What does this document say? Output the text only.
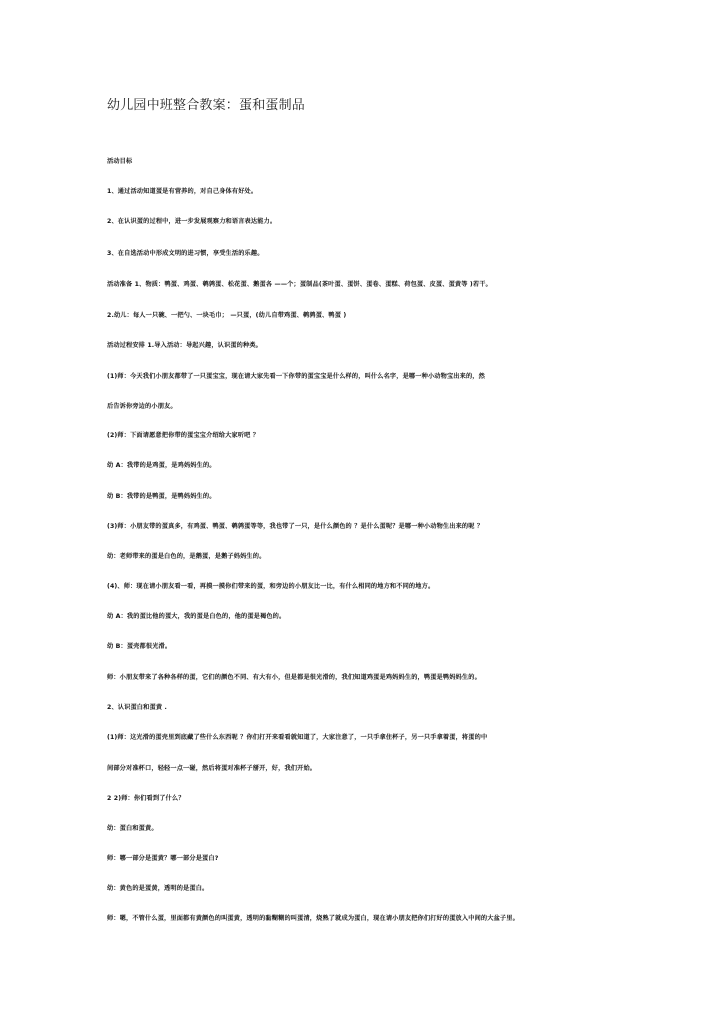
幼儿园中班整合教案：蛋和蛋制品
活动目标
1、通过活动知道蛋是有营养的，对自己身体有好处。
2、在认识蛋的过程中，进一步发展观察力和语言表达能力。
3、在自选活动中形成文明的进习惯，享受生活的乐趣。
活动准备 1、物质：鸭蛋、鸡蛋、鹌鹑蛋、松花蛋、鹅蛋各 ——个；蛋制品(茶叶蛋、蛋饼、蛋卷、蛋糕、荷包蛋、皮蛋、蛋黄等 )若干。
2.幼儿：每人一只碗、一把勺、一块毛巾； —只蛋，(幼儿自带鸡蛋、鹌鹑蛋、鸭蛋 )
活动过程安排 1.导入活动：导起兴趣，认识蛋的种类。
(1)师：今天我们小朋友都带了一只蛋宝宝，现在请大家先看一下你带的蛋宝宝是什么样的，叫什么名字，是哪一种小动物宝出来的，然
后告诉你旁边的小朋友。
(2)师：下面请愿意把你带的蛋宝宝介绍给大家听吧 ？
幼 A：我带的是鸡蛋，是鸡妈妈生的。
幼 B：我带的是鸭蛋，是鸭妈妈生的。
(3)师：小朋友带的蛋真多，有鸡蛋、鸭蛋、鹌鹑蛋等等，我也带了一只，是什么颜色的 ？是什么蛋呢？是哪一种小动物生出来的呢 ？
幼：老师带来的蛋是白色的，是鹅蛋，是鹅子妈妈生的。
(4)、师：现在请小朋友看一看，再摸一摸你们带来的蛋，和旁边的小朋友比一比，有什么相同的地方和不同的地方。
幼 A：我的蛋比他的蛋大，我的蛋是白色的，他的蛋是褐色的。
幼 B：蛋壳都很光滑。
师：小朋友带来了各种各样的蛋，它们的颜色不同、有大有小，但是都是很光滑的，我们知道鸡蛋是鸡妈妈生的，鸭蛋是鸭妈妈生的。
2、认识蛋白和蛋黄 .
(1)师：这光滑的蛋壳里到底藏了些什么东西呢 ？你们打开来看看就知道了，大家注意了，一只手拿住杯子，另一只手拿着蛋，将蛋的中
间部分对准杯口，轻轻一点一碰，然后将蛋对准杯子掰开，好，我们开始。
2 2)师：你们看到了什么？
幼：蛋白和蛋黄。
师：哪一部分是蛋黄？哪一部分是蛋白?
幼：黄色的是蛋黄，透明的是蛋白。
师：嗯，不管什么蛋，里面都有黄颜色的叫蛋黄，透明的黏糊糊的叫蛋清，烧熟了就成为蛋白，现在请小朋友把你们打好的蛋放入中间的大盆子里。
